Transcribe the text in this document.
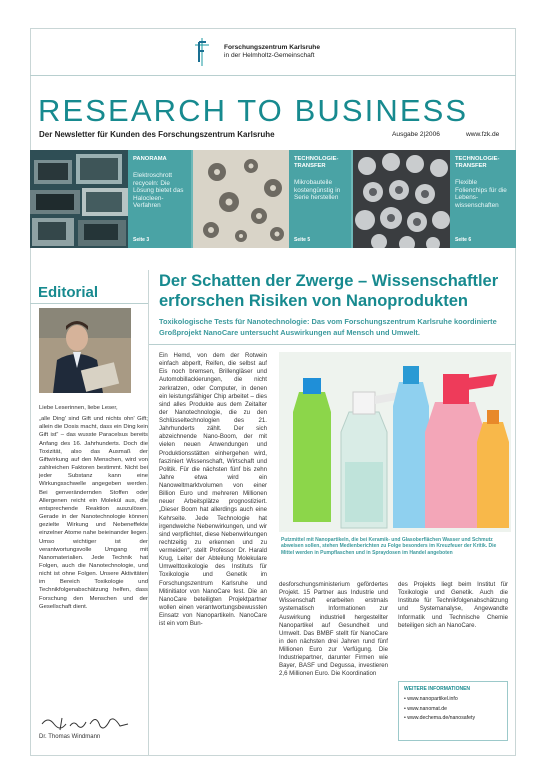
Forschungszentrum Karlsruhe
in der Helmholtz-Gemeinschaft
RESEARCH TO BUSINESS
Der Newsletter für Kunden des Forschungszentrum Karlsruhe	Ausgabe 2|2006	www.fzk.de
PANORAMA
Elektroschrott recyceln: Die Lösung bietet das Halocleen-Verfahren
Seite 3
TECHNOLOGIE-TRANSFER
Mikrobauteile kostengünstig in Serie herstellen
Seite 5
TECHNOLOGIE-TRANSFER
Flexible Folienchips für die Lebens-wissenschaften
Seite 6
Editorial

Liebe Leserinnen, liebe Leser,

„alle Ding' sind Gift und nichts ohn' Gift; allein die Dosis macht, dass ein Ding kein Gift ist“ – das wusste Paracelsus bereits Anfang des 16. Jahrhunderts. Doch die Toxizität, also das Ausmaß der Giftwirkung auf den Menschen, wird von zahlreichen Faktoren bestimmt. Nicht bei jeder Substanz kann eine Wirkungsschwelle angegeben werden. Bei genverändernden Stoffen oder Allergenen reicht ein Molekül aus, die entsprechende Reaktion auszulösen. Gerade in der Nanotechnologie können gezielte Wirkung und Nebeneffekte einzelner Atome nahe beieinander liegen. Umso wichtiger ist der verantwortungsvolle Umgang mit Nanomaterialien. Jede Technik hat Folgen, auch die Nanotechnologie, und nicht ist ohne Folgen. Unsere Aktivitäten im Bereich Toxikologie und Technikfolgenabschätzung helfen, dass Forschung den Menschen und der Gesellschaft dient.

Dr. Thomas Windmann
Der Schatten der Zwerge – Wissenschaftler erforschen Risiken von Nanoprodukten
Toxikologische Tests für Nanotechnologie: Das vom Forschungszentrum Karlsruhe koordinierte Großprojekt NanoCare untersucht Auswirkungen auf Mensch und Umwelt.
Ein Hemd, von dem der Rotwein einfach abperlt, Reifen, die selbst auf Eis noch bremsen, Brillengläser und Automobillackierungen, die nicht zerkratzen, oder Computer, in denen ein leistungsfähiger Chip arbeitet – dies sind alles Produkte aus dem Zeitalter der Nanotechnologie, die zu den Schlüsseltechnologien des 21. Jahrhunderts zählt. Der sich abzeichnende Nano-Boom, der mit vielen neuen Anwendungen und Produktionsstätten einhergehen wird, fasziniert Wissenschaft, Wirtschaft und Politik. Für die nächsten fünf bis zehn Jahre etwa wird ein Nanoweltmarktvolumen von einer Billion Euro und mehreren Millionen neuer Arbeitsplätze prognostiziert. „Dieser Boom hat allerdings auch eine Kehrseite. Jede Technologie hat irgendwelche Nebenwirkungen, und wir sind verpflichtet, diese Nebenwirkungen rechtzeitig zu erkennen und zu vermeiden“, stellt Professor Dr. Harald Krug, Leiter der Abteilung Molekulare Umwelttoxikologie des Instituts für Toxikologie und Genetik im Forschungszentrum Karlsruhe und Mitinitiator von NanoCare fest. Die an NanoCare beteiligten Projektpartner wollen einen verantwortungsbewussten Einsatz von Nanopartikeln. NanoCare ist ein vom Bun-
Putzmittel mit Nanopartikeln, die bei Keramik- und Glasoberflächen Wasser und Schmutz abweisen sollen, stehen Medienberichten zu Folge besonders im Kreuzfeuer der Kritik. Die Mittel werden in Pumpflaschen und in Spraydosen im Handel angeboten
desforschungsministerium gefördertes Projekt. 15 Partner aus Industrie und Wissenschaft erarbeiten erstmals systematisch Informationen zur Auswirkung industriell hergestellter Nanopartikel auf Gesundheit und Umwelt. Das BMBF stellt für NanoCare in den nächsten drei Jahren rund fünf Millionen Euro zur Verfügung. Die Industriepartner, darunter Firmen wie Bayer, BASF und Degussa, investieren 2,6 Millionen Euro. Die Koordination
des Projekts liegt beim Institut für Toxikologie und Genetik. Auch die Institute für Technikfolgenabschätzung und Systemanalyse, Angewandte Informatik und Technische Chemie beteiligen sich an NanoCare.
WEITERE INFORMATIONEN
• www.nanopartikel.info
• www.nanomat.de
• www.dechema.de/nanosafety
